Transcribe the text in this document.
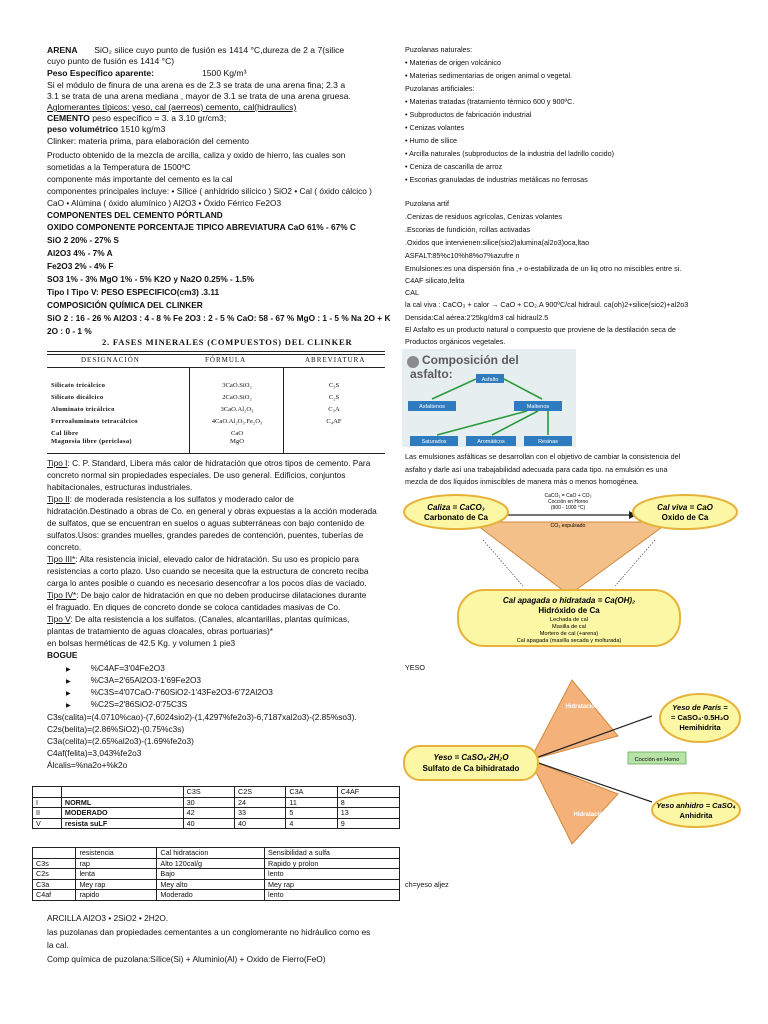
ARENA SiO₂ silice cuyo punto de fusión es 1414 °C,dureza de 2 a 7(silice
cuyo punto de fusión es 1414 °C)
Peso Específico aparente:	1500 Kg/m³
Si el módulo de finura de una arena es de 2.3 se trata de una arena fina; 2.3 a
3.1 se trata de una arena mediana , mayor de 3.1 se trata de una arena gruesa.
Aglomerantes típicos: yeso, cal (aerreos) cemento, cal(hidraulics)
CEMENTO peso específico = 3. a 3.10 gr/cm3;
peso volumétrico 1510 kg/m3
Clinker: materia prima, para elaboración del cemento
Producto obtenido de la mezcla de arcilla, caliza y oxido de hierro, las cuales son
sometidas a la Temperatura de 1500ºC
componente más importante del cemento es la cal
componentes principales incluye: • Sílice ( anhídrido silícico ) SiO2 • Cal ( óxido cálcico )
CaO • Alúmina ( óxido alumínico ) Al2O3 • Óxido Férrico Fe2O3
COMPONENTES DEL CEMENTO PÓRTLAND
OXIDO COMPONENTE PORCENTAJE TIPICO ABREVIATURA CaO 61% - 67% C
SiO 2 20% - 27% S
Al2O3 4% - 7% A
Fe2O3 2% - 4% F
SO3 1% - 3% MgO 1% - 5% K2O y Na2O 0.25% - 1.5%
Tipo I Tipo V: PESO ESPECIFICO(cm3) .3.11
COMPOSICIÓN QUÍMICA DEL CLINKER
SiO 2 : 16 - 26 % Al2O3 : 4 - 8 % Fe 2O3 : 2 - 5 % CaO: 58 - 67 % MgO : 1 - 5 % Na 2O + K
2O : 0 - 1 %
2. FASES MINERALES (COMPUESTOS) DEL CLINKER
DESIGNACIÓN	FÓRMULA	ABREVIATURA
Silicato tricálcico	3CaO.SiO₂	C₃S
Silicato dicálcico	2CaO.SiO₂	C₂S
Aluminato tricálcico	3CaO.Al₂O₃	C₃A
Ferroaluminato tetracálcico	4CaO.Al₂O₃.Fe₂O₃	C₄AF
Cal libre	CaO
Magnesia libre (periclasa)	MgO
Tipo I: C. P. Standard, Libera más calor de hidratación que otros tipos de cemento. Para
concreto normal sin propiedades especiales. De uso general. Edificios, conjuntos
habitacionales, estructuras industriales.
Tipo II: de moderada resistencia a los sulfatos y moderado calor de
hidratación.Destinado a obras de Co. en general y obras expuestas a la acción moderada
de sulfatos, que se encuentran en suelos o aguas subterráneas con bajo contenido de
sulfatos.Usos: grandes muelles, grandes paredes de contención, puentes, tuberías de
concreto.
Tipo III*: Alta resistencia inicial, elevado calor de hidratación. Su uso es propicio para
resistencias a corto plazo. Uso cuando se necesita que la estructura de concreto reciba
carga lo antes posible o cuando es necesario desencofrar a los pocos días de vaciado.
Tipo IV*: De bajo calor de hidratación en que no deben producirse dilataciones durante
el fraguado. En diques de concreto donde se coloca cantidades masivas de Co.
Tipo V: De alta resistencia a los sulfatos. (Canales, alcantarillas, plantas químicas,
plantas de tratamiento de aguas cloacales, obras portuarias)*
en bolsas herméticas de 42.5 Kg. y volumen 1 pie3
BOGUE
▶ %C4AF=3'04Fe2O3
▶ %C3A=2'65Al2O3-1'69Fe2O3
▶ %C3S=4'07CaO-7'60SiO2-1'43Fe2O3-6'72Al2O3
▶ %C2S=2'86SiO2-0'75C3S
C3s(calita)=(4.0710%cao)-(7,6024sio2)-(1,4297%fe2o3)-6,7187xal2o3)-(2.85%so3).
C2s(belita)=(2.86%SiO2)-(0.75%c3s)
C3a(celita)=(2.65%al2o3)-(1.69%fe2o3)
C4af(felita)=3,043%fe2o3
Álcalis=%na2o+%k2o
		C3S	C2S	C3A	C4AF
I	NORML	30	24	11	8
II	MODERADO	42	33	5	13
V	resista suLF	40	40	4	9
	resistencia	Cal hidratacion	Sensibilidad a sulfa
C3s	rap	Alto 120cal/g	Rapido y prolon
C2s	lenta	Bajo	lento
C3a	Mey rap	Mey alto	Mey rap
C4af	rapido	Moderado	lento
ARCILLA Al2O3 • 2SiO2 • 2H2O.
las puzolanas dan propiedades cementantes a un conglomerante no hidráulico como es
la cal.
Comp química de puzolana:Sílice(Si) + Aluminio(Al) + Oxido de Fierro(FeO)
Puzolanas naturales:
• Materias de origen volcánico
• Materias sedimentarias de origen animal o vegetal.
Puzolanas artificiales:
• Materias tratadas (tratamiento térmico 600 y 900ºC.
• Subproductos de fabricación industrial
• Cenizas volantes
• Humo de sílice
• Arcilla naturales (subproductos de la industria del ladrillo cocido)
• Ceniza de cascarilla de arroz
• Escorias granuladas de industrias metálicas no ferrosas
Puzolana artif
.Cenizas de residuos agrícolas, Cenizas volantes
.Escorias de fundición, rcillas activadas
.Oxidos que intervienen:silice(sio2)alumina(al2o3)oca,ltao
ASFALT:85%c10%h8%o7%azufre n
Emulsiones:es una dispersión fina ,+ o-estabilizada de un liq otro no miscibles entre si.
C4AF silicato,felita
CAL
la cal viva : CaCO₃ + calor → CaO + CO₂.A 900ºC/cal hidraul. ca(oh)2+silice(sio2)+al2o3
Densida:Cal aérea:2'25kg/dm3 cal hidraul2.5
El Asfalto es un producto natural o compuesto que proviene de la destilación seca de
Productos orgánicos vegetales.
Composición del
asfalto:	Asfalto
Asfaltenos	Maltenos
Saturados	Aromáticos	Resinas
Las emulsiones asfálticas se desarrollan con el objetivo de cambiar la consistencia del
asfalto y darle así una trabajabilidad adecuada para cada tipo. na emulsión es una
mezcla de dos líquidos inmiscibles de manera más o menos homogénea.
CaCO₃ = CaO + CO₂
Cocción en Horno
(900 - 1000 °C)
CO₂ expulsado
Caliza = CaCO₃
Carbonato de Ca
Cal viva = CaO
Oxido de Ca
Cal apagada o hidratada = Ca(OH)₂
Hidróxido de Ca
Lechada de cal
Masilla de cal
Mortero de cal (+arena)
Cal apagada (masilla secada y molturada)
YESO
Hidratación
Hidratación
Cocción en Horno
Yeso = CaSO₄·2H₂O
Sulfato de Ca bihidratado
Yeso de París =
= CaSO₄·0.5H₂O
Hemihidrita
Yeso anhidro = CaSO₄
Anhidrita
ch=yeso aljez
